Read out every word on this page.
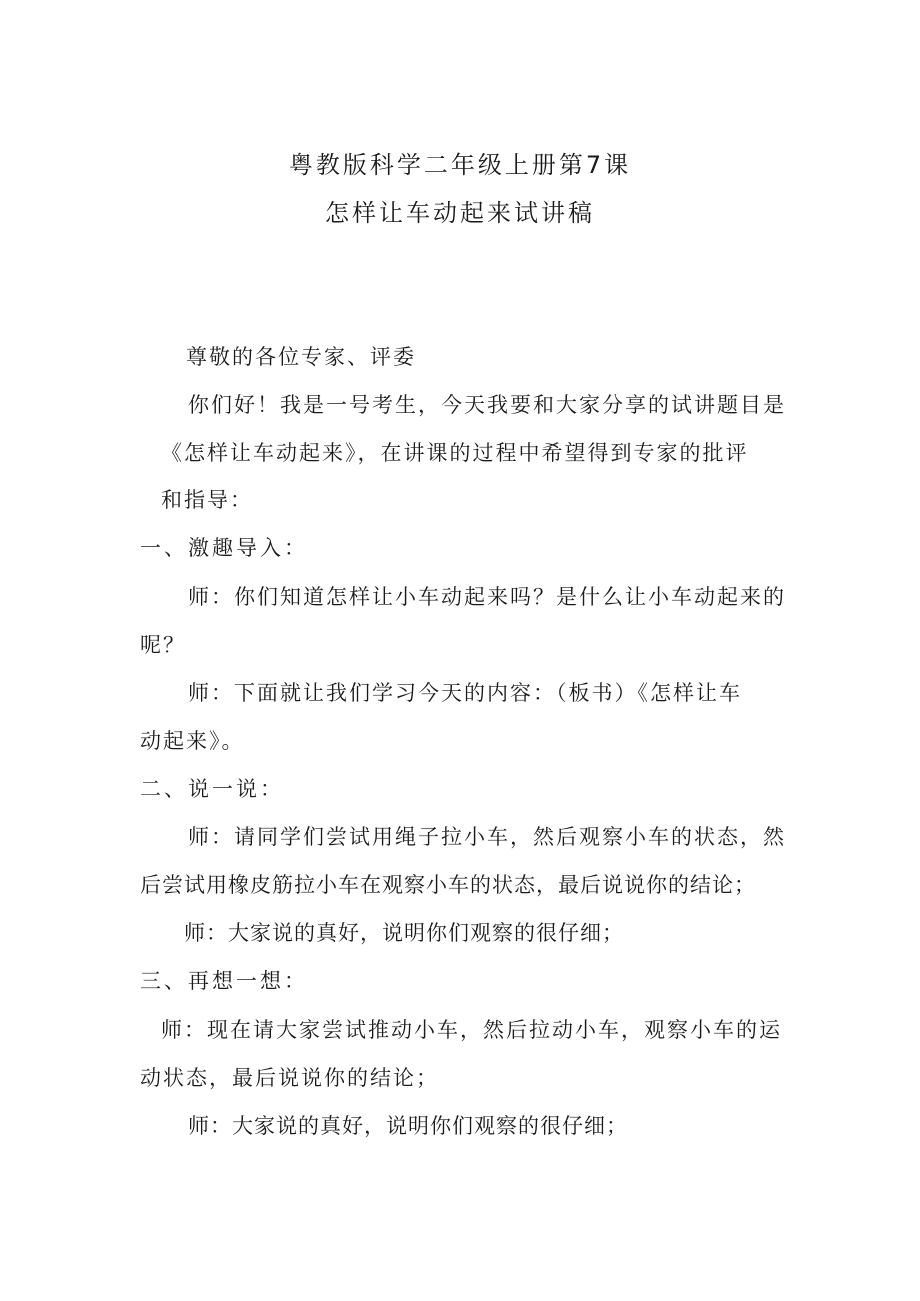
粤教版科学二年级上册第7课
怎样让车动起来试讲稿
尊敬的各位专家、评委
你们好！我是一号考生，今天我要和大家分享的试讲题目是
《怎样让车动起来》，在讲课的过程中希望得到专家的批评
和指导：
一、激趣导入：
师：你们知道怎样让小车动起来吗？是什么让小车动起来的
呢？
师：下面就让我们学习今天的内容：（板书）《怎样让车
动起来》。
二、说一说：
师：请同学们尝试用绳子拉小车，然后观察小车的状态，然
后尝试用橡皮筋拉小车在观察小车的状态，最后说说你的结论；
师：大家说的真好，说明你们观察的很仔细；
三、再想一想：
师：现在请大家尝试推动小车，然后拉动小车，观察小车的运
动状态，最后说说你的结论；
师：大家说的真好，说明你们观察的很仔细；
